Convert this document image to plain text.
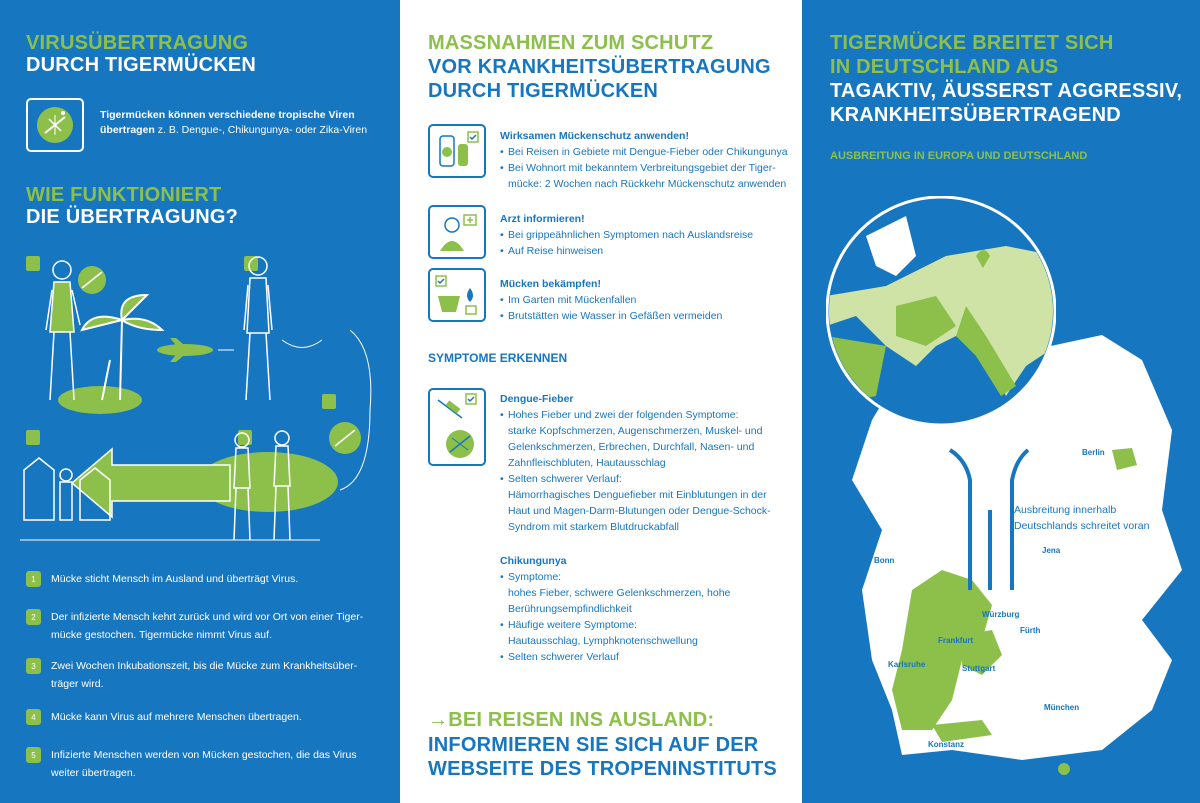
VIRUSÜBERTRAGUNG
DURCH TIGERMÜCKEN
Tigermücken können verschiedene tropische Viren übertragen z. B. Dengue-, Chikungunya- oder Zika-Viren
WIE FUNKTIONIERT
DIE ÜBERTRAGUNG?
1	Mücke sticht Mensch im Ausland und überträgt Virus.
2	Der infizierte Mensch kehrt zurück und wird vor Ort von einer Tiger-mücke gestochen. Tigermücke nimmt Virus auf.
3	Zwei Wochen Inkubationszeit, bis die Mücke zum Krankheitsüber-träger wird.
4	Mücke kann Virus auf mehrere Menschen übertragen.
5	Infizierte Menschen werden von Mücken gestochen, die das Virus weiter übertragen.
MASSNAHMEN ZUM SCHUTZ
VOR KRANKHEITSÜBERTRAGUNG
DURCH TIGERMÜCKEN
Wirksamen Mückenschutz anwenden!
• Bei Reisen in Gebiete mit Dengue-Fieber oder Chikungunya
• Bei Wohnort mit bekanntem Verbreitungsgebiet der Tiger-mücke: 2 Wochen nach Rückkehr Mückenschutz anwenden
Arzt informieren!
• Bei grippeähnlichen Symptomen nach Auslandsreise
• Auf Reise hinweisen
Mücken bekämpfen!
• Im Garten mit Mückenfallen
• Brutstätten wie Wasser in Gefäßen vermeiden
SYMPTOME ERKENNEN
Dengue-Fieber
• Hohes Fieber und zwei der folgenden Symptome:
starke Kopfschmerzen, Augenschmerzen, Muskel- und Gelenkschmerzen, Erbrechen, Durchfall, Nasen- und Zahnfleischbluten, Hautausschlag
• Selten schwerer Verlauf:
Hämorrhagisches Denguefieber mit Einblutungen in der Haut und Magen-Darm-Blutungen oder Dengue-Schock-Syndrom mit starkem Blutdruckabfall
Chikungunya
• Symptome:
hohes Fieber, schwere Gelenkschmerzen, hohe Berührungsempfindlichkeit
• Häufige weitere Symptome:
Hautausschlag, Lymphknotenschwellung
• Selten schwerer Verlauf
→BEI REISEN INS AUSLAND:
INFORMIEREN SIE SICH AUF DER
WEBSEITE DES TROPENINSTITUTS
TIGERMÜCKE BREITET SICH
IN DEUTSCHLAND AUS
TAGAKTIV, ÄUSSERST AGGRESSIV,
KRANKHEITSÜBERTRAGEND
AUSBREITUNG IN EUROPA UND DEUTSCHLAND
Ausbreitung innerhalb
Deutschlands schreitet voran
Berlin
Bonn
Jena
Würzburg
Frankfurt
Fürth
Karlsruhe	Stuttgart
Freiburg	München
Konstanz
Population
